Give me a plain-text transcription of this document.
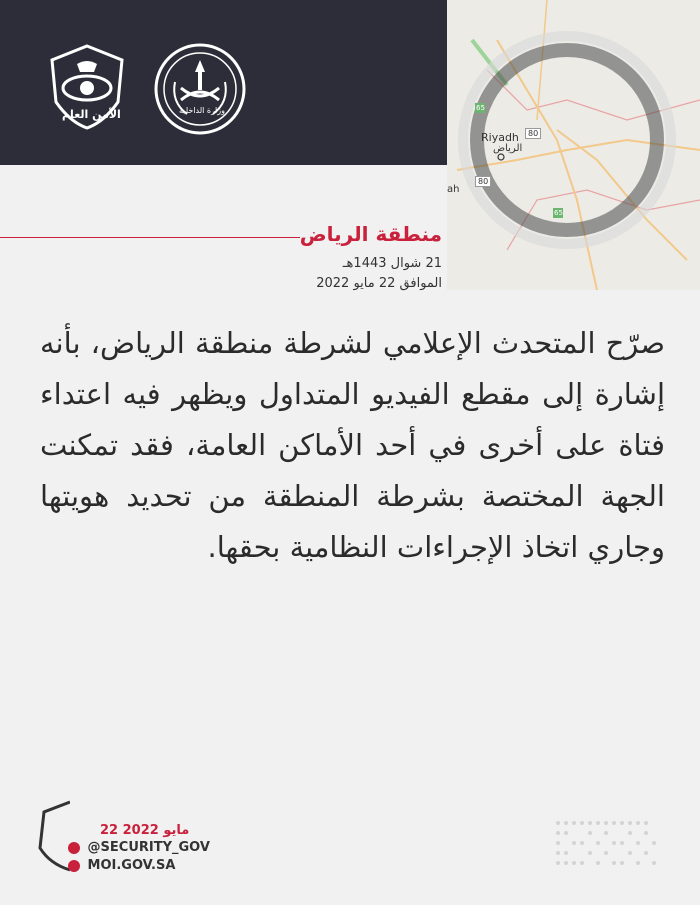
الأمن العام	وزارة الداخلية
Riyadh
الرياض
80
80
65
65
ah
منطقة الرياض
21 شوال 1443هـ
الموافق 22 مايو 2022
صرّح المتحدث الإعلامي لشرطة منطقة الرياض، بأنه إشارة إلى مقطع الفيديو المتداول ويظهر فيه اعتداء فتاة على أخرى في أحد الأماكن العامة، فقد تمكنت الجهة المختصة بشرطة المنطقة من تحديد هويتها وجاري اتخاذ الإجراءات النظامية بحقها.
22 مايو 2022
@SECURITY_GOV
MOI.GOV.SA
